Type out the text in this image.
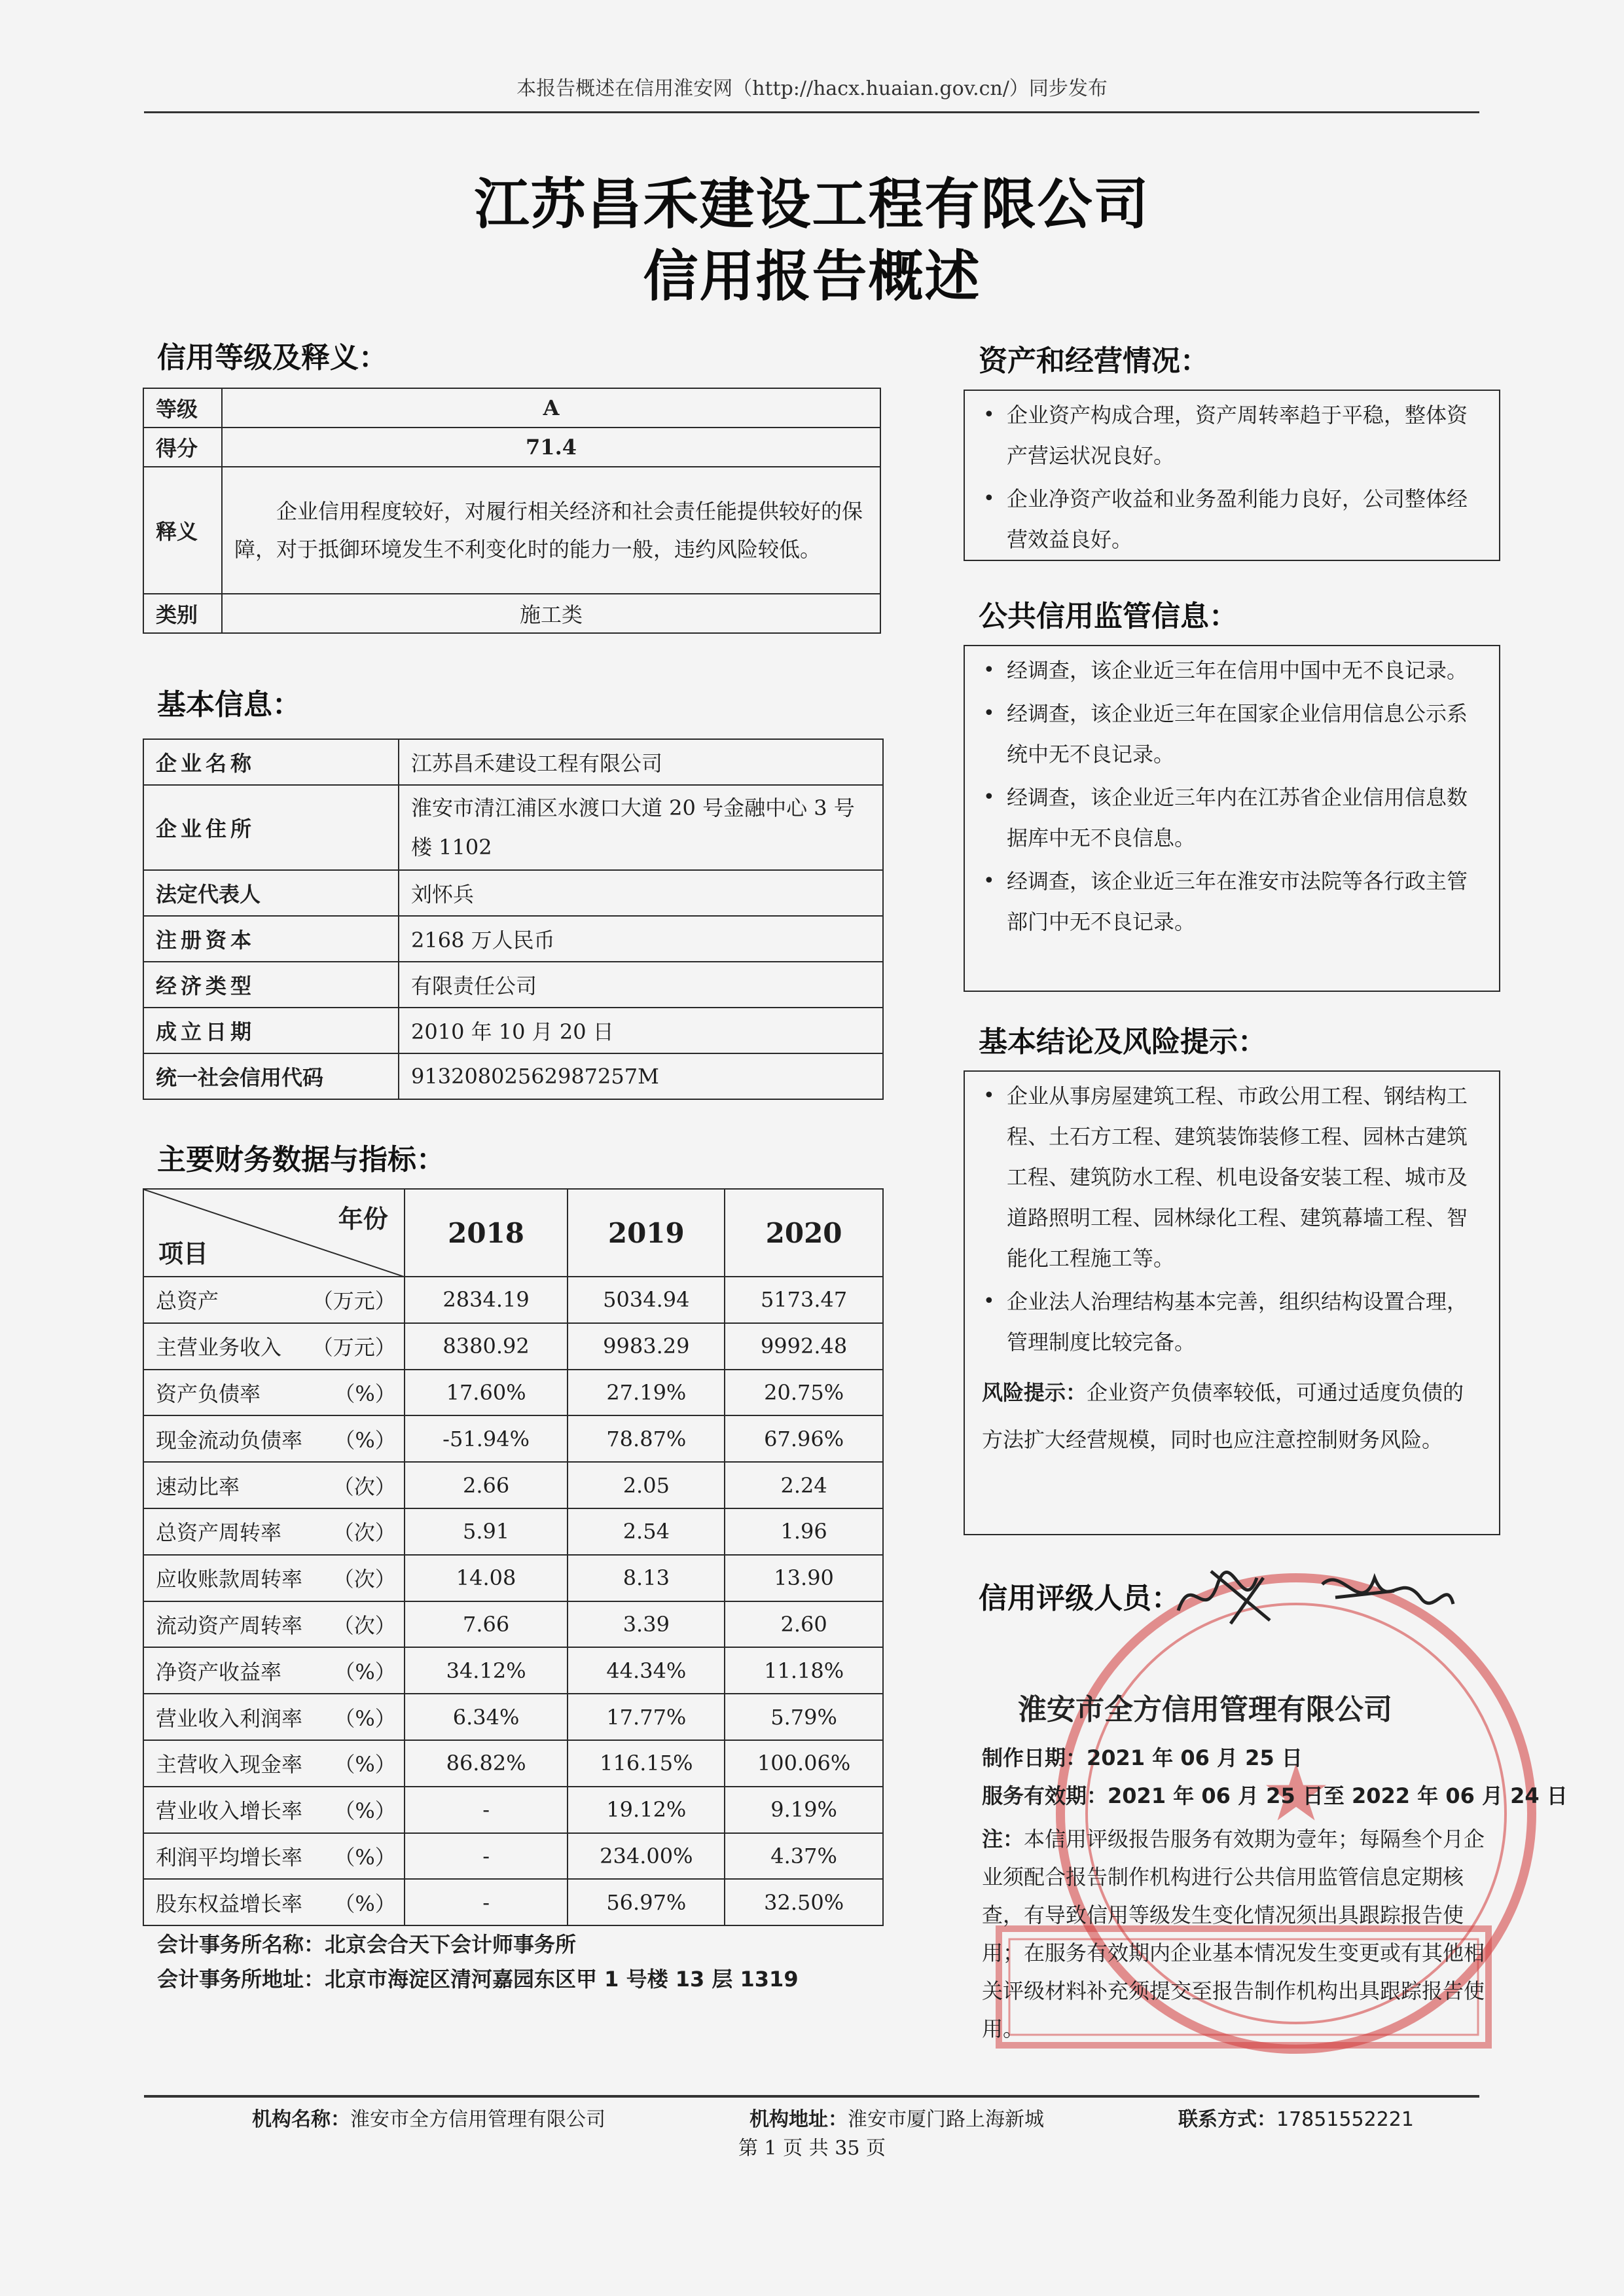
本报告概述在信用淮安网（http://hacx.huaian.gov.cn/）同步发布
江苏昌禾建设工程有限公司
信用报告概述
信用等级及释义：
等级	A
得分	71.4
释义	企业信用程度较好，对履行相关经济和社会责任能提供较好的保障，对于抵御环境发生不利变化时的能力一般，违约风险较低。
类别	施工类
基本信息：
企业名称	江苏昌禾建设工程有限公司
企业住所	淮安市清江浦区水渡口大道 20 号金融中心 3 号楼 1102
法定代表人	刘怀兵
注册资本	2168 万人民币
经济类型	有限责任公司
成立日期	2010 年 10 月 20 日
统一社会信用代码	91320802562987257M
主要财务数据与指标：
年份
项目	2018	2019	2020
总资产 （万元）	2834.19	5034.94	5173.47
主营业务收入 （万元）	8380.92	9983.29	9992.48
资产负债率 （%）	17.60%	27.19%	20.75%
现金流动负债率 （%）	-51.94%	78.87%	67.96%
速动比率 （次）	2.66	2.05	2.24
总资产周转率 （次）	5.91	2.54	1.96
应收账款周转率 （次）	14.08	8.13	13.90
流动资产周转率 （次）	7.66	3.39	2.60
净资产收益率 （%）	34.12%	44.34%	11.18%
营业收入利润率 （%）	6.34%	17.77%	5.79%
主营收入现金率 （%）	86.82%	116.15%	100.06%
营业收入增长率 （%）	-	19.12%	9.19%
利润平均增长率 （%）	-	234.00%	4.37%
股东权益增长率 （%）	-	56.97%	32.50%
会计事务所名称：北京会合天下会计师事务所
会计事务所地址：北京市海淀区清河嘉园东区甲 1 号楼 13 层 1319
资产和经营情况：
• 企业资产构成合理，资产周转率趋于平稳，整体资产营运状况良好。
• 企业净资产收益和业务盈利能力良好，公司整体经营效益良好。
公共信用监管信息：
• 经调查，该企业近三年在信用中国中无不良记录。
• 经调查，该企业近三年在国家企业信用信息公示系统中无不良记录。
• 经调查，该企业近三年内在江苏省企业信用信息数据库中无不良信息。
• 经调查，该企业近三年在淮安市法院等各行政主管部门中无不良记录。
基本结论及风险提示：
• 企业从事房屋建筑工程、市政公用工程、钢结构工程、土石方工程、建筑装饰装修工程、园林古建筑工程、建筑防水工程、机电设备安装工程、城市及道路照明工程、园林绿化工程、建筑幕墙工程、智能化工程施工等。
• 企业法人治理结构基本完善，组织结构设置合理，管理制度比较完备。
风险提示：企业资产负债率较低，可通过适度负债的方法扩大经营规模，同时也应注意控制财务风险。
★
信用评级人员：
淮安市全方信用管理有限公司
制作日期：2021 年 06 月 25 日
服务有效期：2021 年 06 月 25 日至 2022 年 06 月 24 日
注：本信用评级报告服务有效期为壹年；每隔叁个月企业须配合报告制作机构进行公共信用监管信息定期核查，有导致信用等级发生变化情况须出具跟踪报告使用；在服务有效期内企业基本情况发生变更或有其他相关评级材料补充须提交至报告制作机构出具跟踪报告使用。
机构名称：淮安市全方信用管理有限公司	机构地址：淮安市厦门路上海新城	联系方式：17851552221
第 1 页 共 35 页
